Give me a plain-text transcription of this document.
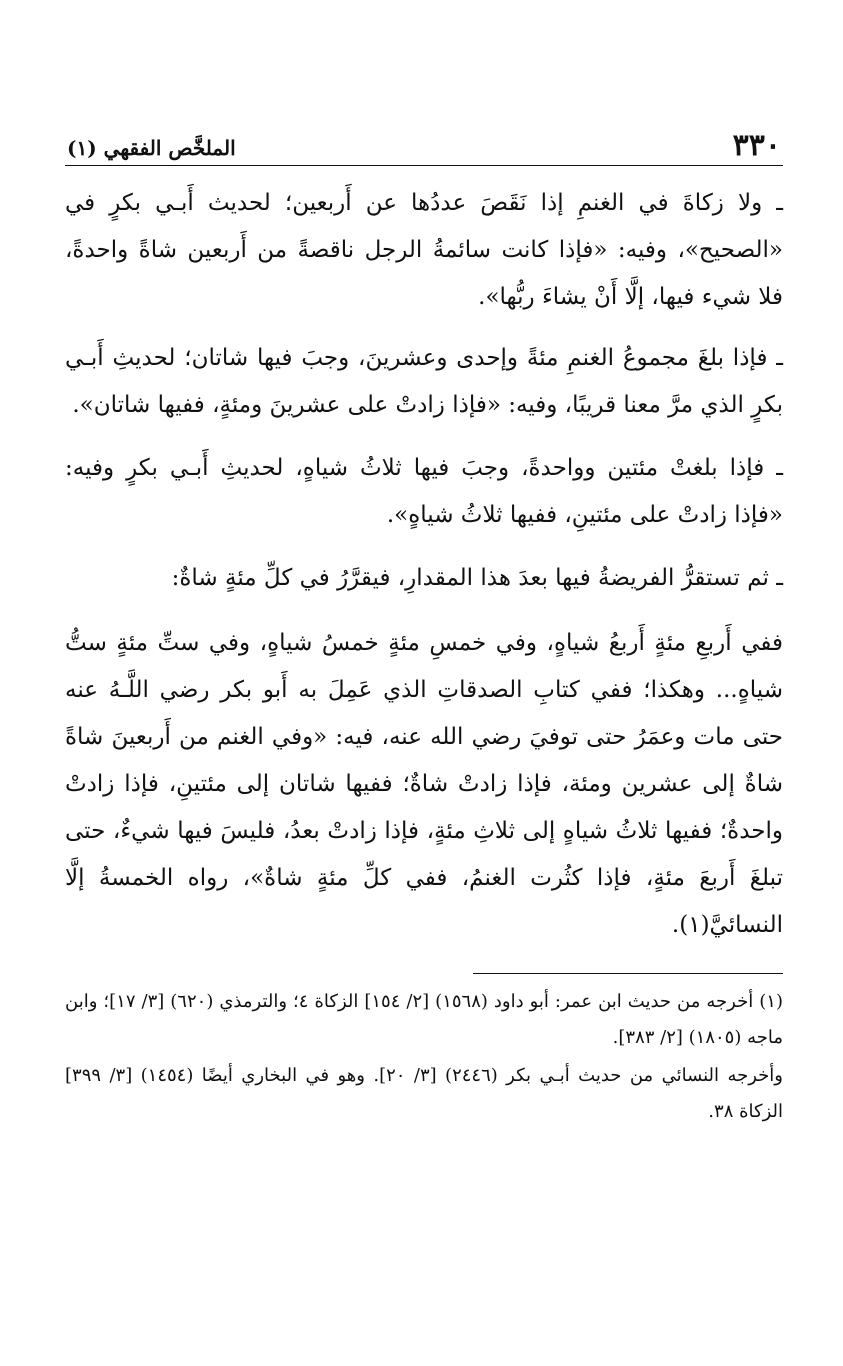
٣٣٠
الملخَّص الفقهي (١)

ـ ولا زكاةَ في الغنمِ إذا نَقَصَ عددُها عن أَربعين؛ لحديث أَبـي بكرٍ في «الصحيح»، وفيه: «فإذا كانت سائمةُ الرجل ناقصةً من أَربعين شاةً واحدةً، فلا شيء فيها، إلَّا أَنْ يشاءَ ربُّها».

ـ فإذا بلغَ مجموعُ الغنمِ مئةً وإحدى وعشرينَ، وجبَ فيها شاتان؛ لحديثِ أَبـي بكرٍ الذي مرَّ معنا قريبًا، وفيه: «فإذا زادتْ على عشرينَ ومئةٍ، ففيها شاتان».

ـ فإذا بلغتْ مئتين وواحدةً، وجبَ فيها ثلاثُ شياهٍ، لحديثِ أَبـي بكرٍ وفيه: «فإذا زادتْ على مئتينِ، ففيها ثلاثُ شياهٍ».

ـ ثم تستقرُّ الفريضةُ فيها بعدَ هذا المقدارِ، فيقرَّرُ في كلِّ مئةٍ شاةٌ:

ففي أَربعِ مئةٍ أَربعُ شياهٍ، وفي خمسِ مئةٍ خمسُ شياهٍ، وفي ستِّ مئةٍ ستُّ شياهٍ... وهكذا؛ ففي كتابِ الصدقاتِ الذي عَمِلَ به أَبو بكر رضي اللَّـهُ عنه حتى مات وعمَرُ حتى توفيَ رضي الله عنه، فيه: «وفي الغنم من أَربعينَ شاةً شاةٌ إلى عشرين ومئة، فإذا زادتْ شاةٌ؛ ففيها شاتان إلى مئتينِ، فإذا زادتْ واحدةٌ؛ ففيها ثلاثُ شياهٍ إلى ثلاثِ مئةٍ، فإذا زادتْ بعدُ، فليسَ فيها شيءٌ، حتى تبلغَ أَربعَ مئةٍ، فإذا كثُرت الغنمُ، ففي كلِّ مئةٍ شاةٌ»، رواه الخمسةُ إلَّا النسائيَّ(١).

(١) أخرجه من حديث ابن عمر: أبو داود (١٥٦٨) [٢/ ١٥٤] الزكاة ٤؛ والترمذي (٦٢٠) [٣/ ١٧]؛ وابن ماجه (١٨٠٥) [٢/ ٣٨٣].

وأخرجه النسائي من حديث أبـي بكر (٢٤٤٦) [٣/ ٢٠]. وهو في البخاري أيضًا (١٤٥٤) [٣/ ٣٩٩] الزكاة ٣٨.
